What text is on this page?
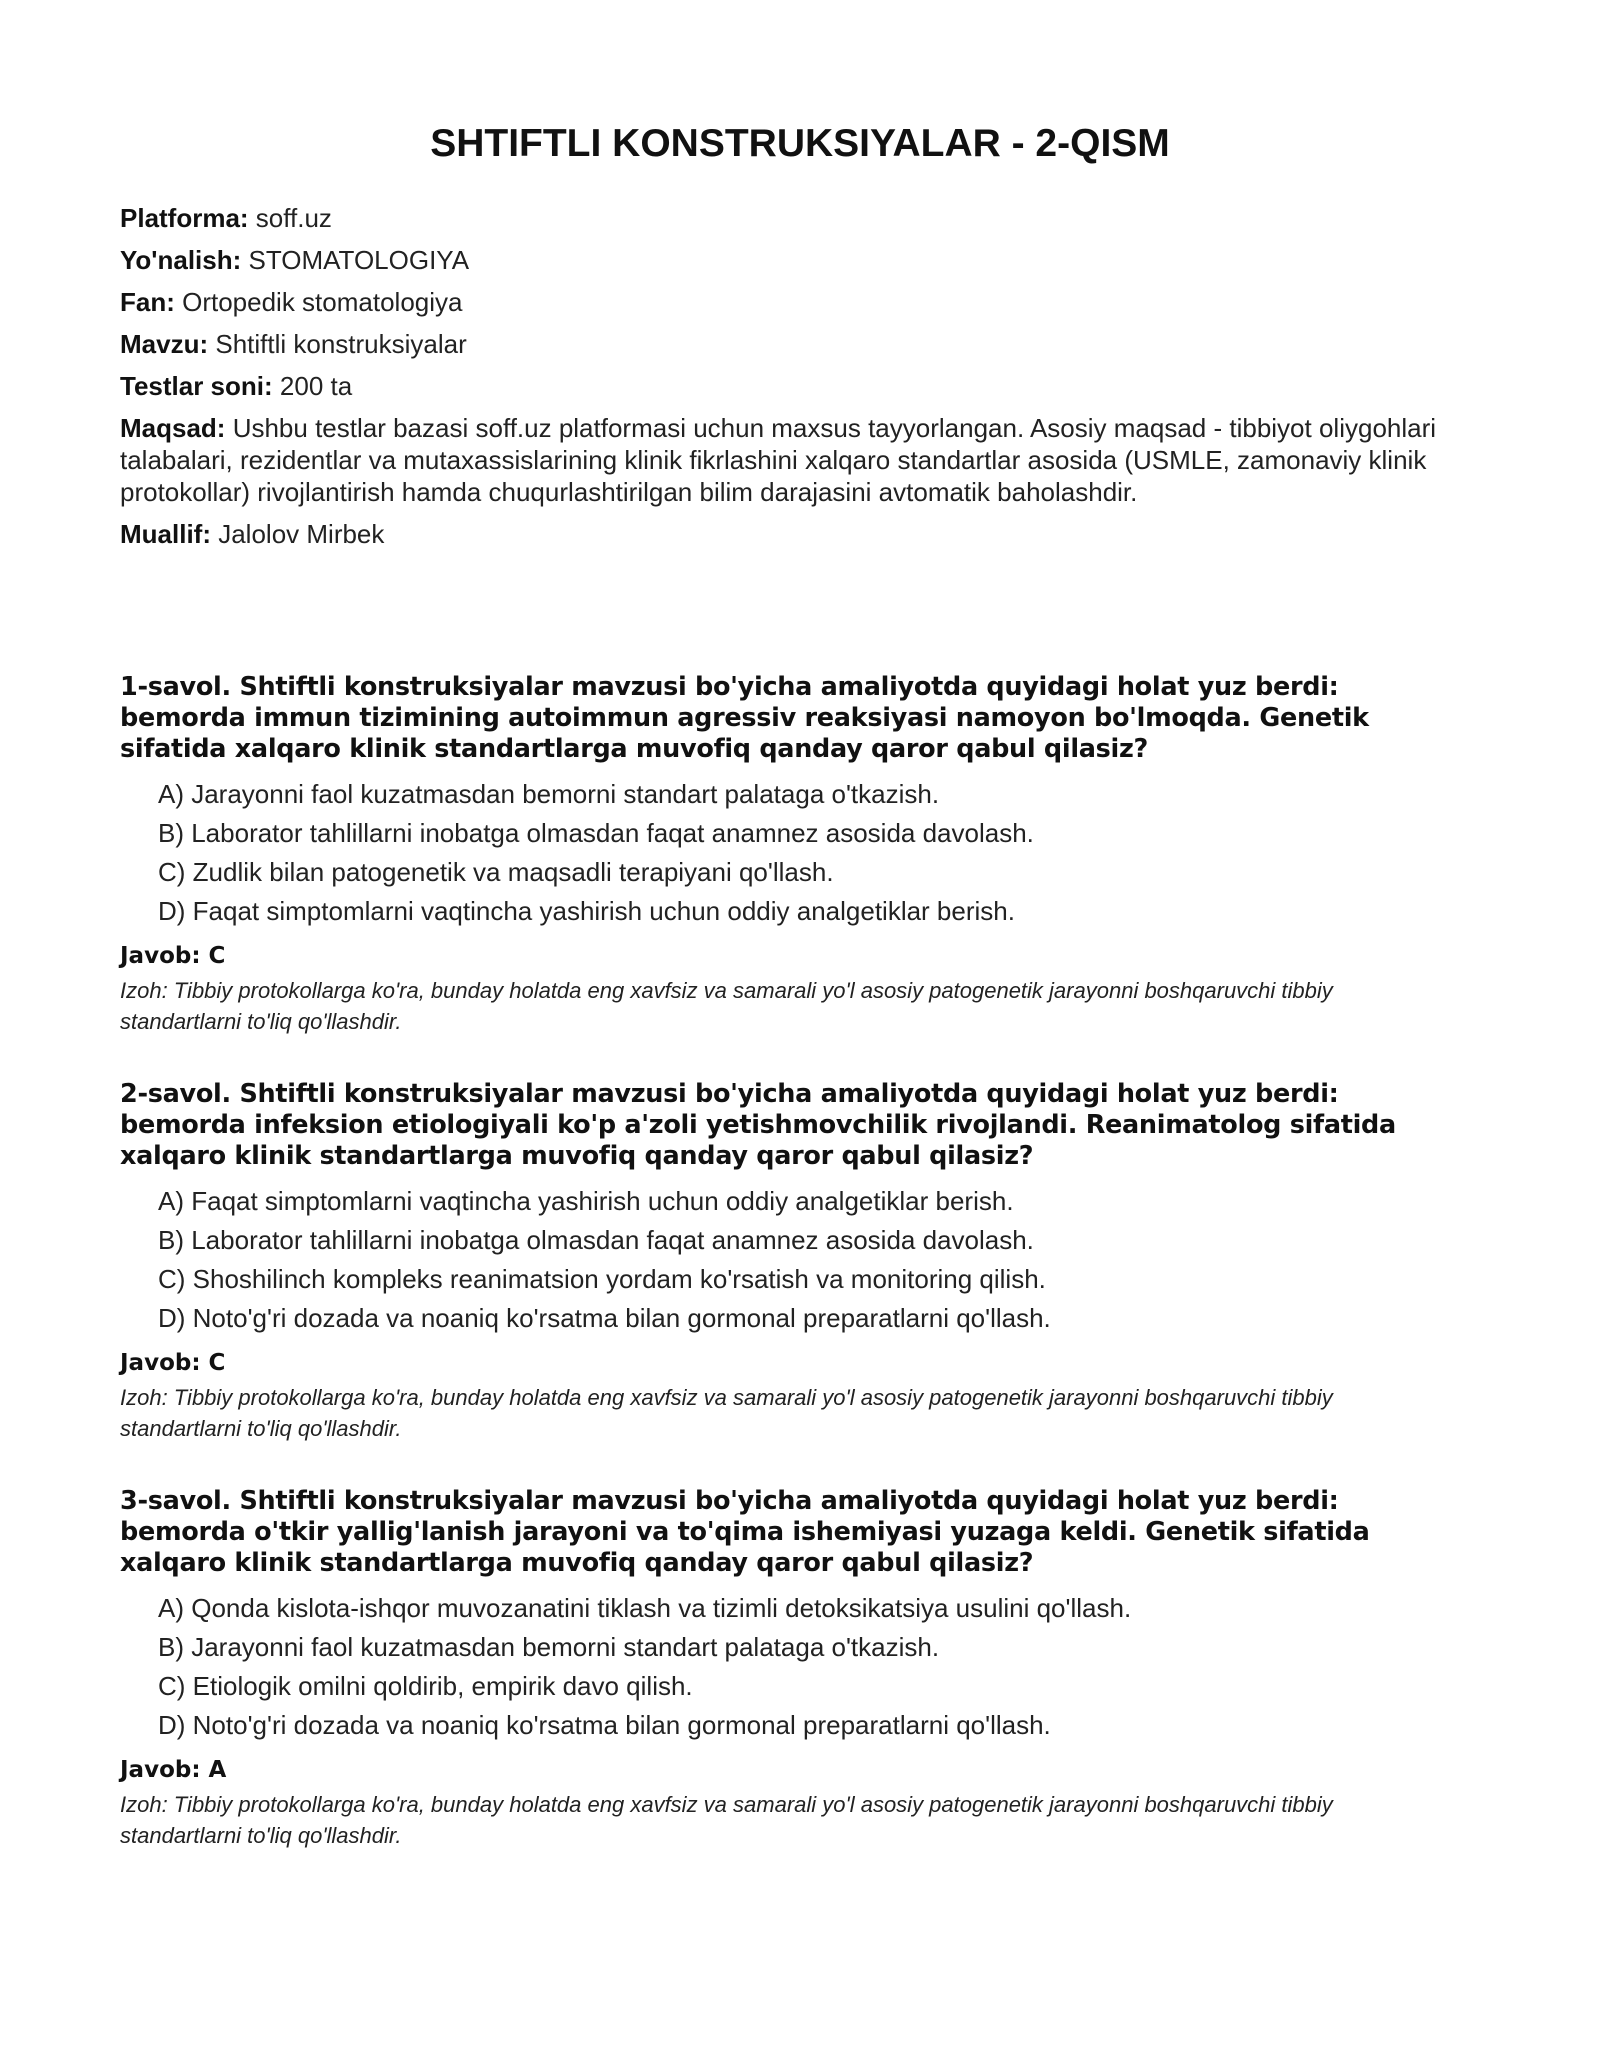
SHTIFTLI KONSTRUKSIYALAR - 2-QISM
Platforma: soff.uz
Yo'nalish: STOMATOLOGIYA
Fan: Ortopedik stomatologiya
Mavzu: Shtiftli konstruksiyalar
Testlar soni: 200 ta
Maqsad: Ushbu testlar bazasi soff.uz platformasi uchun maxsus tayyorlangan. Asosiy maqsad - tibbiyot oliygohlari talabalari, rezidentlar va mutaxassislarining klinik fikrlashini xalqaro standartlar asosida (USMLE, zamonaviy klinik protokollar) rivojlantirish hamda chuqurlashtirilgan bilim darajasini avtomatik baholashdir.
Muallif: Jalolov Mirbek
1-savol. Shtiftli konstruksiyalar mavzusi bo'yicha amaliyotda quyidagi holat yuz berdi: bemorda immun tizimining autoimmun agressiv reaksiyasi namoyon bo'lmoqda. Genetik sifatida xalqaro klinik standartlarga muvofiq qanday qaror qabul qilasiz?
A) Jarayonni faol kuzatmasdan bemorni standart palataga o'tkazish.
B) Laborator tahlillarni inobatga olmasdan faqat anamnez asosida davolash.
C) Zudlik bilan patogenetik va maqsadli terapiyani qo'llash.
D) Faqat simptomlarni vaqtincha yashirish uchun oddiy analgetiklar berish.
Javob: C
Izoh: Tibbiy protokollarga ko'ra, bunday holatda eng xavfsiz va samarali yo'l asosiy patogenetik jarayonni boshqaruvchi tibbiy standartlarni to'liq qo'llashdir.
2-savol. Shtiftli konstruksiyalar mavzusi bo'yicha amaliyotda quyidagi holat yuz berdi: bemorda infeksion etiologiyali ko'p a'zoli yetishmovchilik rivojlandi. Reanimatolog sifatida xalqaro klinik standartlarga muvofiq qanday qaror qabul qilasiz?
A) Faqat simptomlarni vaqtincha yashirish uchun oddiy analgetiklar berish.
B) Laborator tahlillarni inobatga olmasdan faqat anamnez asosida davolash.
C) Shoshilinch kompleks reanimatsion yordam ko'rsatish va monitoring qilish.
D) Noto'g'ri dozada va noaniq ko'rsatma bilan gormonal preparatlarni qo'llash.
Javob: C
Izoh: Tibbiy protokollarga ko'ra, bunday holatda eng xavfsiz va samarali yo'l asosiy patogenetik jarayonni boshqaruvchi tibbiy standartlarni to'liq qo'llashdir.
3-savol. Shtiftli konstruksiyalar mavzusi bo'yicha amaliyotda quyidagi holat yuz berdi: bemorda o'tkir yallig'lanish jarayoni va to'qima ishemiyasi yuzaga keldi. Genetik sifatida xalqaro klinik standartlarga muvofiq qanday qaror qabul qilasiz?
A) Qonda kislota-ishqor muvozanatini tiklash va tizimli detoksikatsiya usulini qo'llash.
B) Jarayonni faol kuzatmasdan bemorni standart palataga o'tkazish.
C) Etiologik omilni qoldirib, empirik davo qilish.
D) Noto'g'ri dozada va noaniq ko'rsatma bilan gormonal preparatlarni qo'llash.
Javob: A
Izoh: Tibbiy protokollarga ko'ra, bunday holatda eng xavfsiz va samarali yo'l asosiy patogenetik jarayonni boshqaruvchi tibbiy standartlarni to'liq qo'llashdir.
